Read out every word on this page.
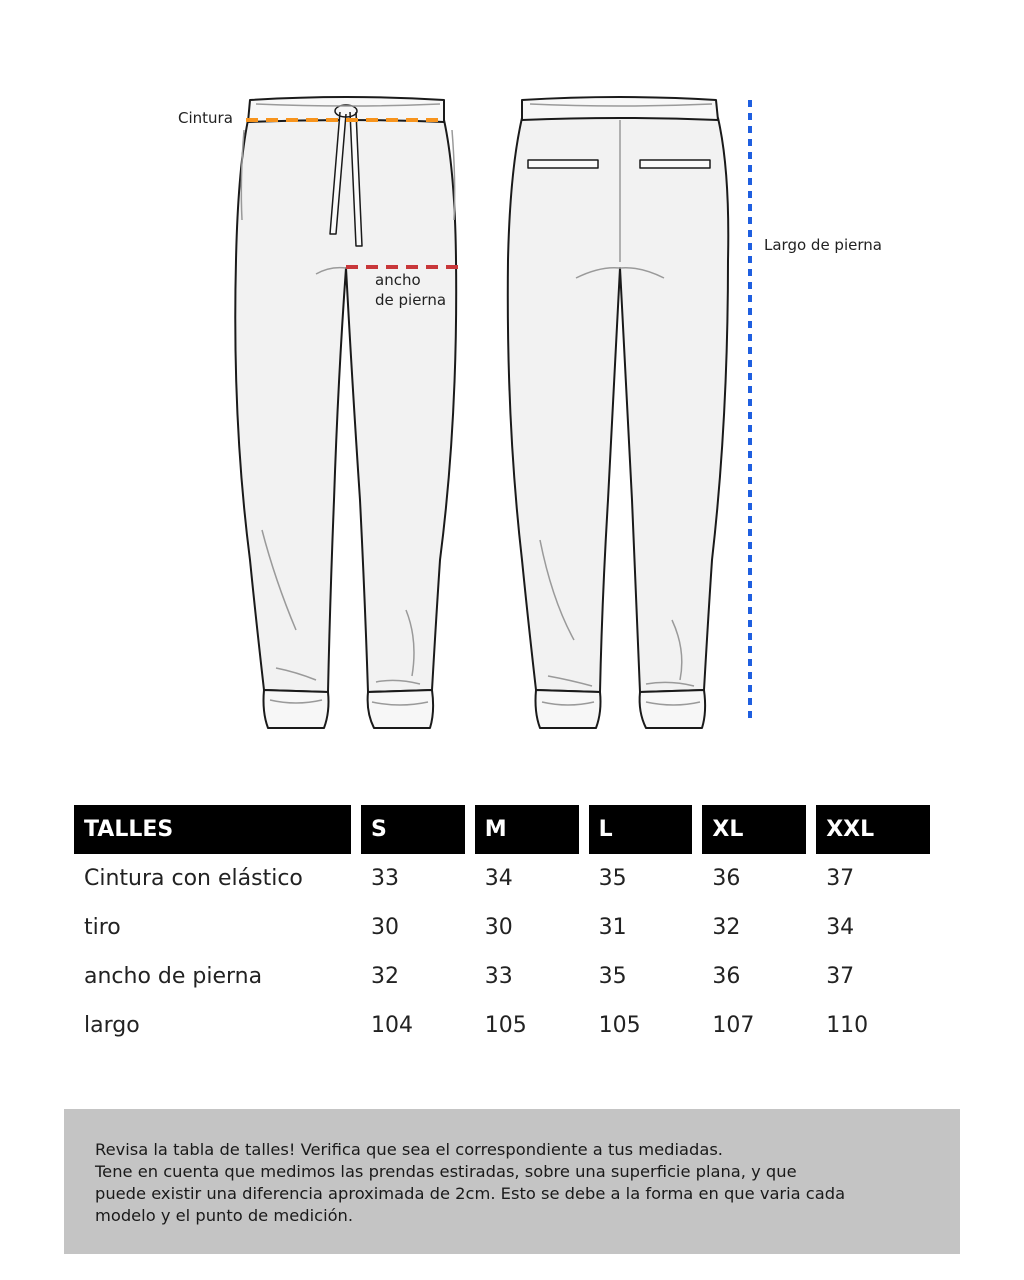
Cintura
ancho
de pierna
Largo de pierna
TALLES	S	M	L	XL	XXL
Cintura con elástico	33	34	35	36	37
tiro	30	30	31	32	34
ancho de pierna	32	33	35	36	37
largo	104	105	105	107	110

Revisa la tabla de talles! Verifica que sea el correspondiente a tus mediadas.

Tene en cuenta que medimos las prendas estiradas, sobre una superficie plana, y que

puede existir una diferencia aproximada de 2cm. Esto se debe a la forma en que varia cada

modelo y el punto de medición.
